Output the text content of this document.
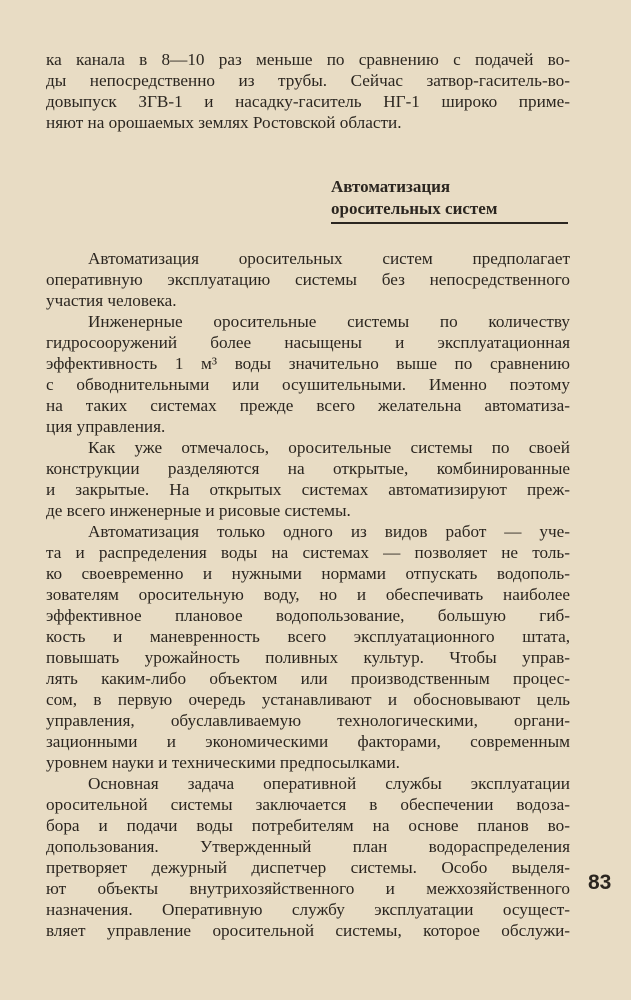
ка канала в 8—10 раз меньше по сравнению с подачей во-
ды непосредственно из трубы. Сейчас затвор-гаситель-во-
довыпуск ЗГВ-1 и насадку-гаситель НГ-1 широко приме-
няют на орошаемых землях Ростовской области.
Автоматизация
оросительных систем
Автоматизация оросительных систем предполагает
оперативную эксплуатацию системы без непосредственного
участия человека.
Инженерные оросительные системы по количеству
гидросооружений более насыщены и эксплуатационная
эффективность 1 м³ воды значительно выше по сравнению
с обводнительными или осушительными. Именно поэтому
на таких системах прежде всего желательна автоматиза-
ция управления.
Как уже отмечалось, оросительные системы по своей
конструкции разделяются на открытые, комбинированные
и закрытые. На открытых системах автоматизируют преж-
де всего инженерные и рисовые системы.
Автоматизация только одного из видов работ — уче-
та и распределения воды на системах — позволяет не толь-
ко своевременно и нужными нормами отпускать водополь-
зователям оросительную воду, но и обеспечивать наиболее
эффективное плановое водопользование, большую гиб-
кость и маневренность всего эксплуатационного штата,
повышать урожайность поливных культур. Чтобы управ-
лять каким-либо объектом или производственным процес-
сом, в первую очередь устанавливают и обосновывают цель
управления, обуславливаемую технологическими, органи-
зационными и экономическими факторами, современным
уровнем науки и техническими предпосылками.
Основная задача оперативной службы эксплуатации
оросительной системы заключается в обеспечении водоза-
бора и подачи воды потребителям на основе планов во-
допользования. Утвержденный план водораспределения
претворяет дежурный диспетчер системы. Особо выделя-
ют объекты внутрихозяйственного и межхозяйственного
назначения. Оперативную службу эксплуатации осущест-
вляет управление оросительной системы, которое обслужи-
83
